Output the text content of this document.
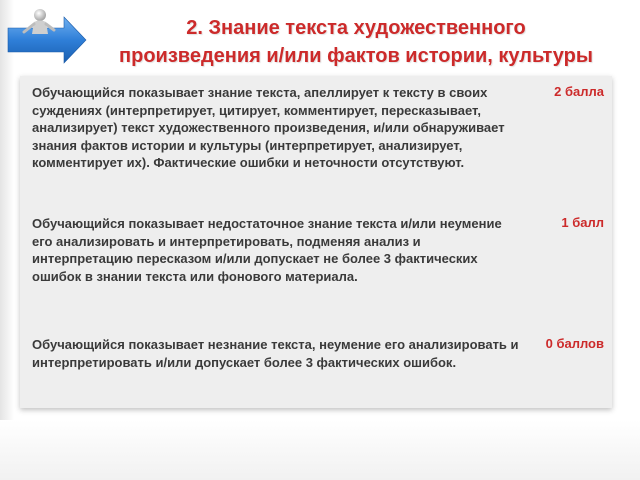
2. Знание текста художественного
произведения и/или фактов истории, культуры

Обучающийся показывает знание текста, апеллирует к тексту в своих суждениях (интерпретирует, цитирует, комментирует, пересказывает, анализирует) текст художественного произведения, и/или обнаруживает знания фактов истории и культуры (интерпретирует, анализирует, комментирует их). Фактические ошибки и неточности отсутствуют.

2 балла

Обучающийся показывает недостаточное знание текста и/или неумение его анализировать и интерпретировать, подменяя анализ и интерпретацию пересказом и/или допускает не более 3 фактических ошибок в знании текста или фонового материала.

1 балл

Обучающийся показывает незнание текста, неумение его анализировать и интерпретировать и/или допускает более 3 фактических ошибок.

0 баллов
